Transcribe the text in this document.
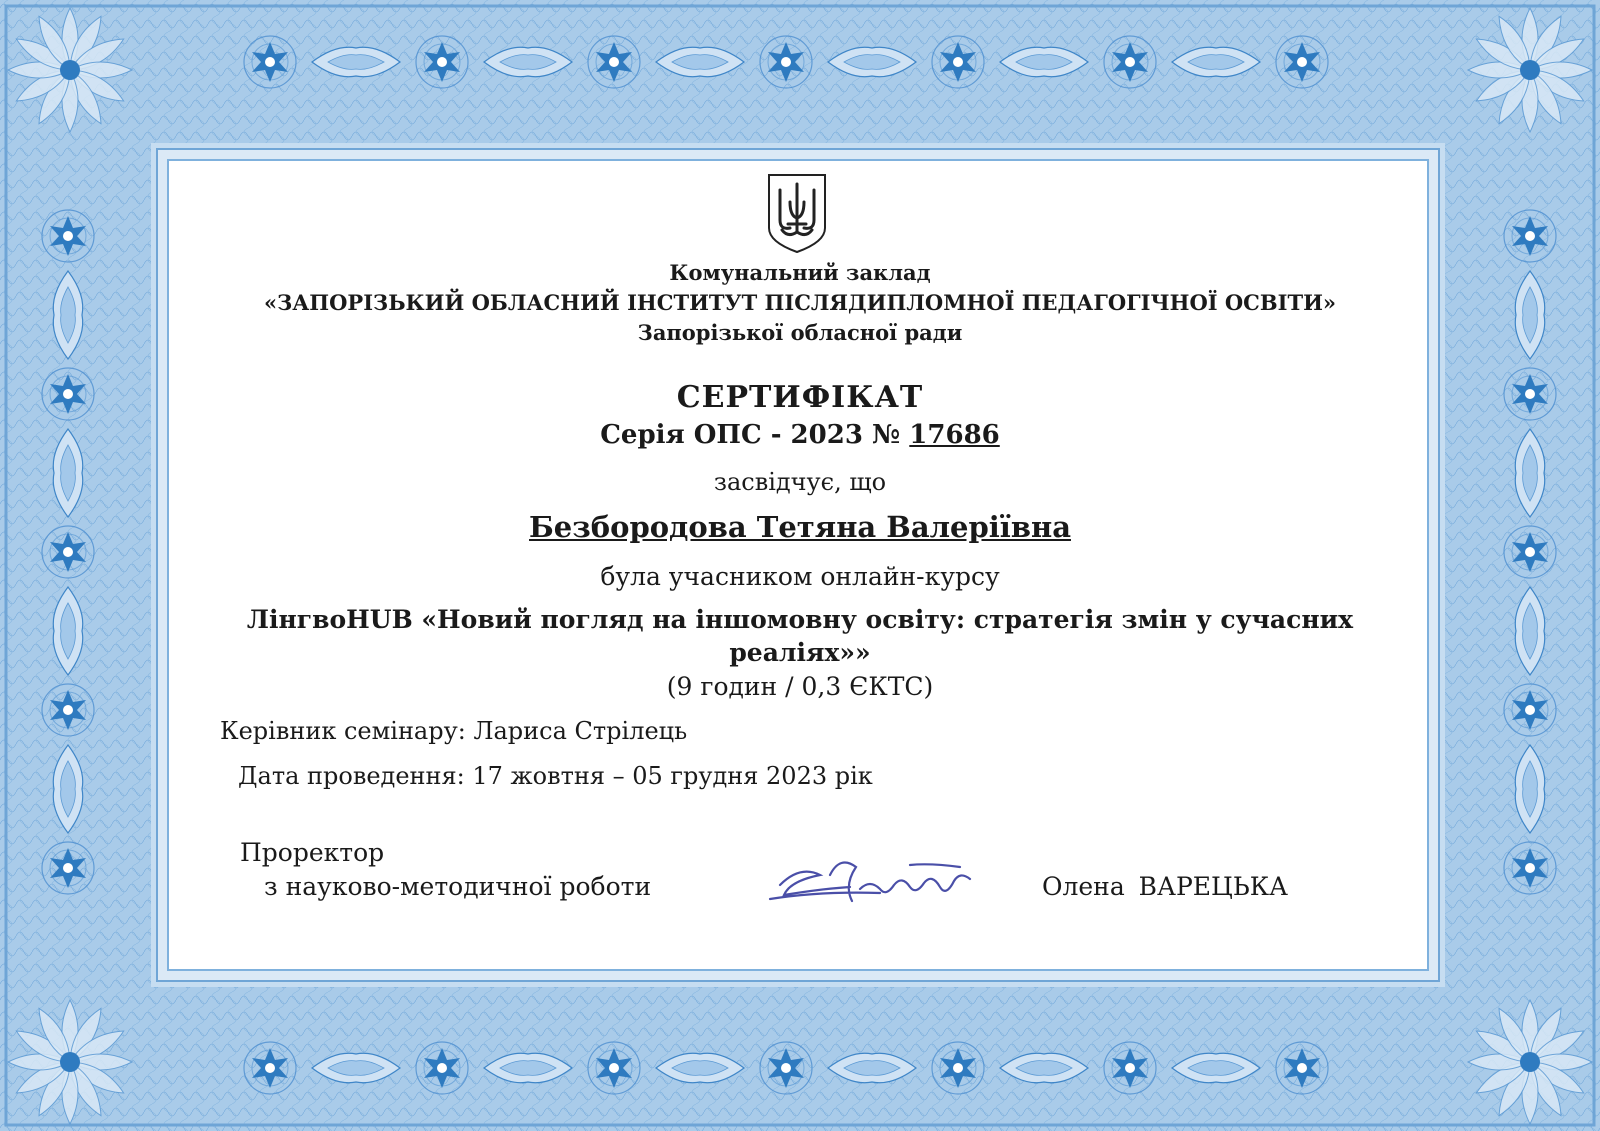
Комунальний заклад
«ЗАПОРІЗЬКИЙ ОБЛАСНИЙ ІНСТИТУТ ПІСЛЯДИПЛОМНОЇ ПЕДАГОГІЧНОЇ ОСВІТИ»
Запорізької обласної ради
СЕРТИФІКАТ
Серія ОПС - 2023 № 17686
засвідчує, що
Безбородова Тетяна Валеріївна
була учасником онлайн-курсу
ЛінгвоHUB «Новий погляд на іншомовну освіту: стратегія змін у сучасних реаліях»»
(9 годин / 0,3 ЄКТС)
Керівник семінару: Лариса Стрілець
Дата проведення: 17 жовтня – 05 грудня 2023 рік
Проректор
з науково-методичної роботи	Олена ВАРЕЦЬКА
